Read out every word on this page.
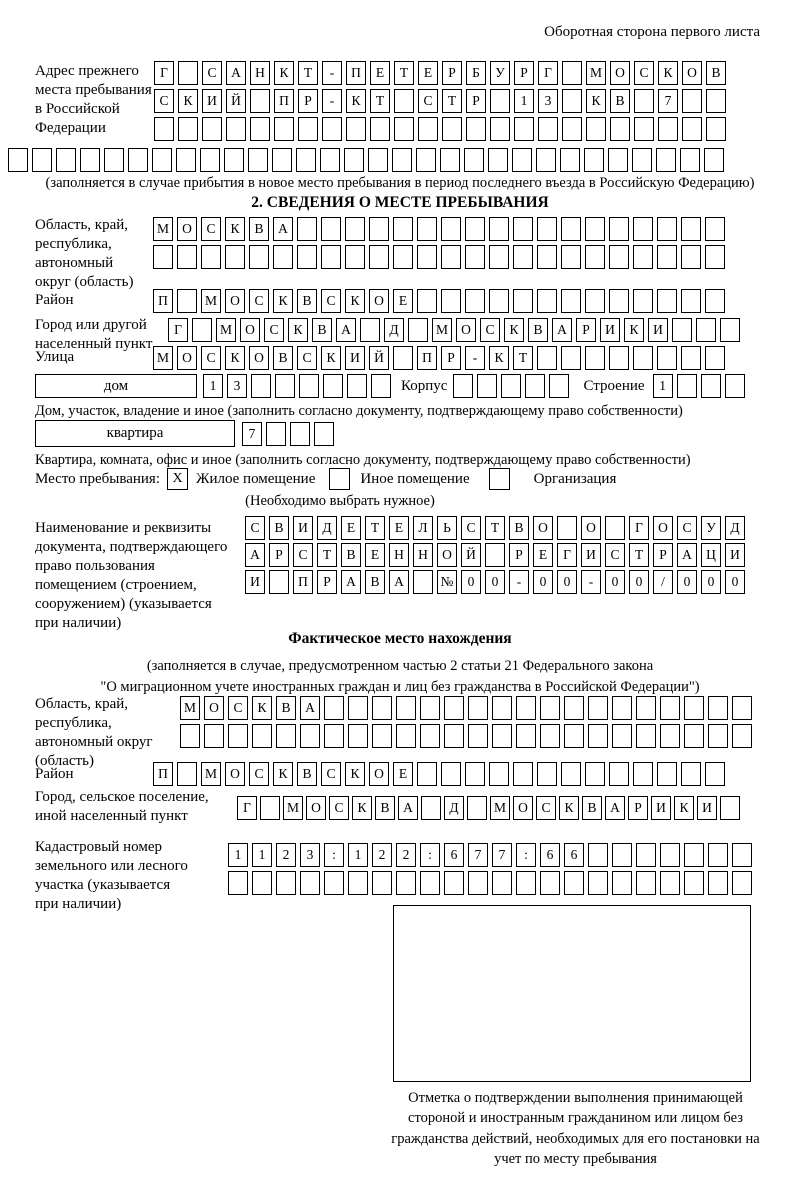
Оборотная сторона первого листа
Адрес прежнего
места пребывания
в Российской
Федерации
Г	С	А	Н	К	Т	-	П	Е	Т	Е	Р	Б	У	Р	Г	М О	С	К	О	В
С	К	И	Й	П	Р	-	К	Т	С	Т	Р	1	3	К	В	7
(заполняется в случае прибытия в новое место пребывания в период последнего въезда в Российскую Федерацию)
2. СВЕДЕНИЯ О МЕСТЕ ПРЕБЫВАНИЯ
Область, край,
республика,
автономный
округ (область)
М О	С	К	В	А
Район	П	М О	С	К	В	С	К	О	Е
Город или другой
населенный пункт
Г	М О	С	К	В	А	Д	М О	С	К	В	А	Р	И	К	И
Улица	М О	С	К	О	В	С	К	И	Й	П	Р	-	К	Т
дом	1	3	Корпус	Строение	1
Дом, участок, владение и иное (заполнить согласно документу, подтверждающему право собственности)
квартира	7
Квартира, комната, офис и иное (заполнить согласно документу, подтверждающему право собственности)
Место пребывания: X Жилое помещение	Иное помещение	Организация
(Необходимо выбрать нужное)
Наименование и реквизиты
документа, подтверждающего
право пользования
помещением (строением,
сооружением) (указывается
при наличии)
С	В	И	Д	Е	Т	Е	Л	Ь	С	Т	В	О	О	Г	О	С	У	Д
А	Р	С	Т	В	Е	Н	Н	О	Й	Р	Е	Г	И	С	Т	Р	А	Ц	И
И	П	Р	А	В	А	№	0	0	-	0	0	-	0	0	/	0	0	0
Фактическое место нахождения
(заполняется в случае, предусмотренном частью 2 статьи 21 Федерального закона
"О миграционном учете иностранных граждан и лиц без гражданства в Российской Федерации")
Область, край,
республика,
автономный округ
(область)
М О	С	К	В	А
Район	П	М О	С	К	В	С	К	О	Е
Город, сельское поселение,
иной населенный пункт
Г	М О	С	К	В	А	Д	М О	С	К	В	А	Р	И	К	И
Кадастровый номер
земельного или лесного
участка (указывается
при наличии)
1	1	2	3	:	1	2	2	:	6	7	7	:	6	6
Отметка о подтверждении выполнения принимающей стороной и иностранным гражданином или лицом без гражданства действий, необходимых для его постановки на учет по месту пребывания
